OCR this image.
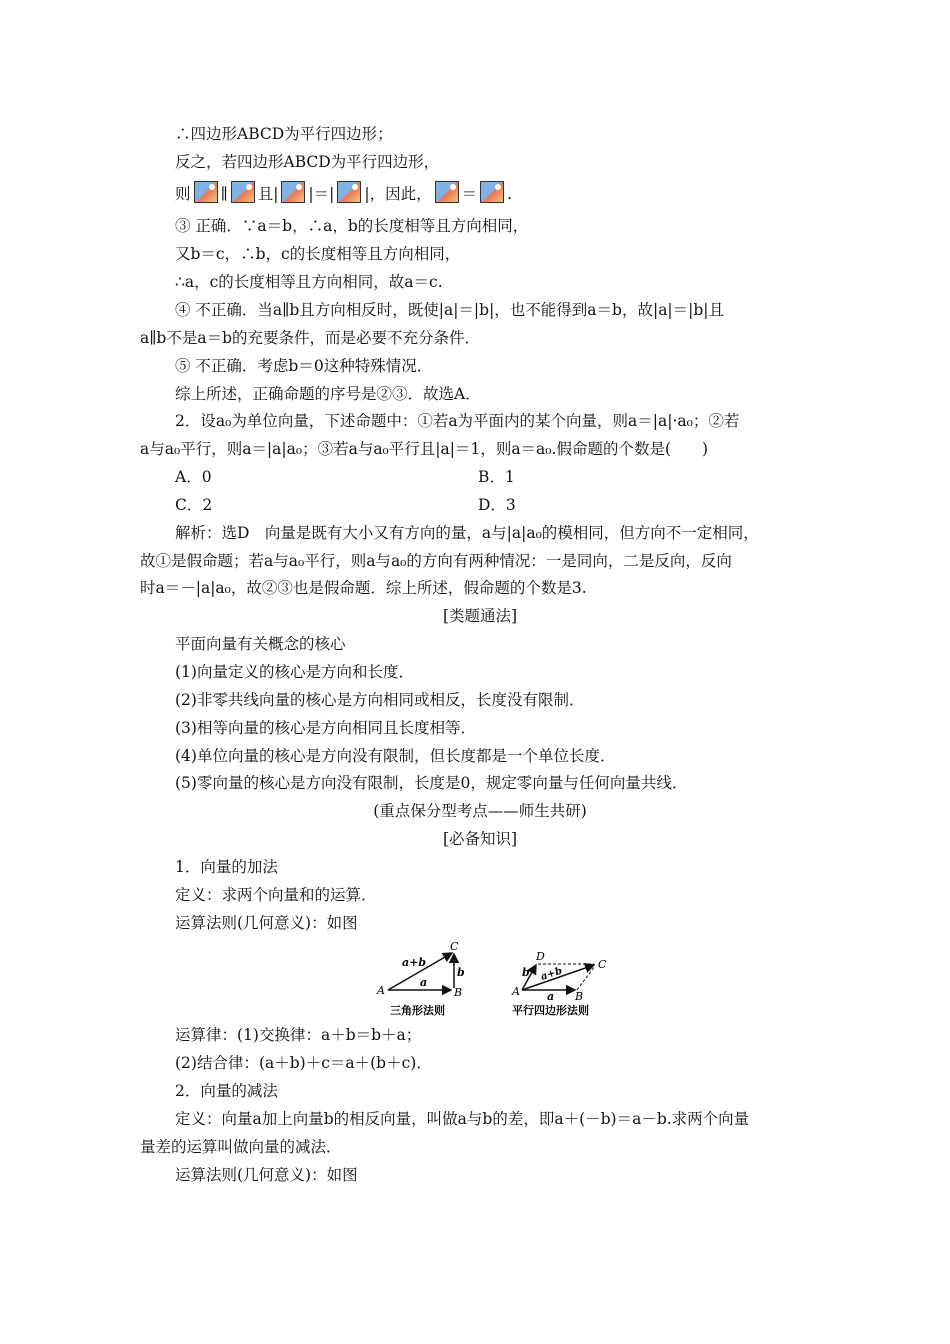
∴四边形ABCD为平行四边形；
反之，若四边形ABCD为平行四边形，
则 ∥ 且| |＝| |，因此， ＝ .
③ 正确．∵a＝b，∴a，b的长度相等且方向相同，
又b＝c，∴b，c的长度相等且方向相同，
∴a，c的长度相等且方向相同，故a＝c.
④ 不正确．当a∥b且方向相反时，既使|a|＝|b|，也不能得到a＝b，故|a|＝|b|且
a∥b不是a＝b的充要条件，而是必要不充分条件．
⑤ 不正确．考虑b＝0这种特殊情况．
综上所述，正确命题的序号是②③．故选A．
2．设a₀为单位向量，下述命题中：①若a为平面内的某个向量，则a＝|a|·a₀；②若
a与a₀平行，则a＝|a|a₀；③若a与a₀平行且|a|＝1，则a＝a₀.假命题的个数是(　　)
A．0	B．1
C．2	D．3
解析：选D　向量是既有大小又有方向的量，a与|a|a₀的模相同，但方向不一定相同，
故①是假命题；若a与a₀平行，则a与a₀的方向有两种情况：一是同向，二是反向，反向
时a＝－|a|a₀，故②③也是假命题．综上所述，假命题的个数是3.
[类题通法]
平面向量有关概念的核心
(1)向量定义的核心是方向和长度．
(2)非零共线向量的核心是方向相同或相反，长度没有限制．
(3)相等向量的核心是方向相同且长度相等．
(4)单位向量的核心是方向没有限制，但长度都是一个单位长度．
(5)零向量的核心是方向没有限制，长度是0，规定零向量与任何向量共线．
(重点保分型考点——师生共研)
[必备知识]
1．向量的加法
定义：求两个向量和的运算．
运算法则(几何意义)：如图
A	B
C
a+b
a
b
三角形法则
A	B
C
D
a+b
a
b
平行四边形法则
运算律：(1)交换律：a＋b＝b＋a；
(2)结合律：(a＋b)＋c＝a＋(b＋c)．
2．向量的减法
定义：向量a加上向量b的相反向量，叫做a与b的差，即a＋(－b)＝a－b.求两个向量
量差的运算叫做向量的减法．
运算法则(几何意义)：如图
